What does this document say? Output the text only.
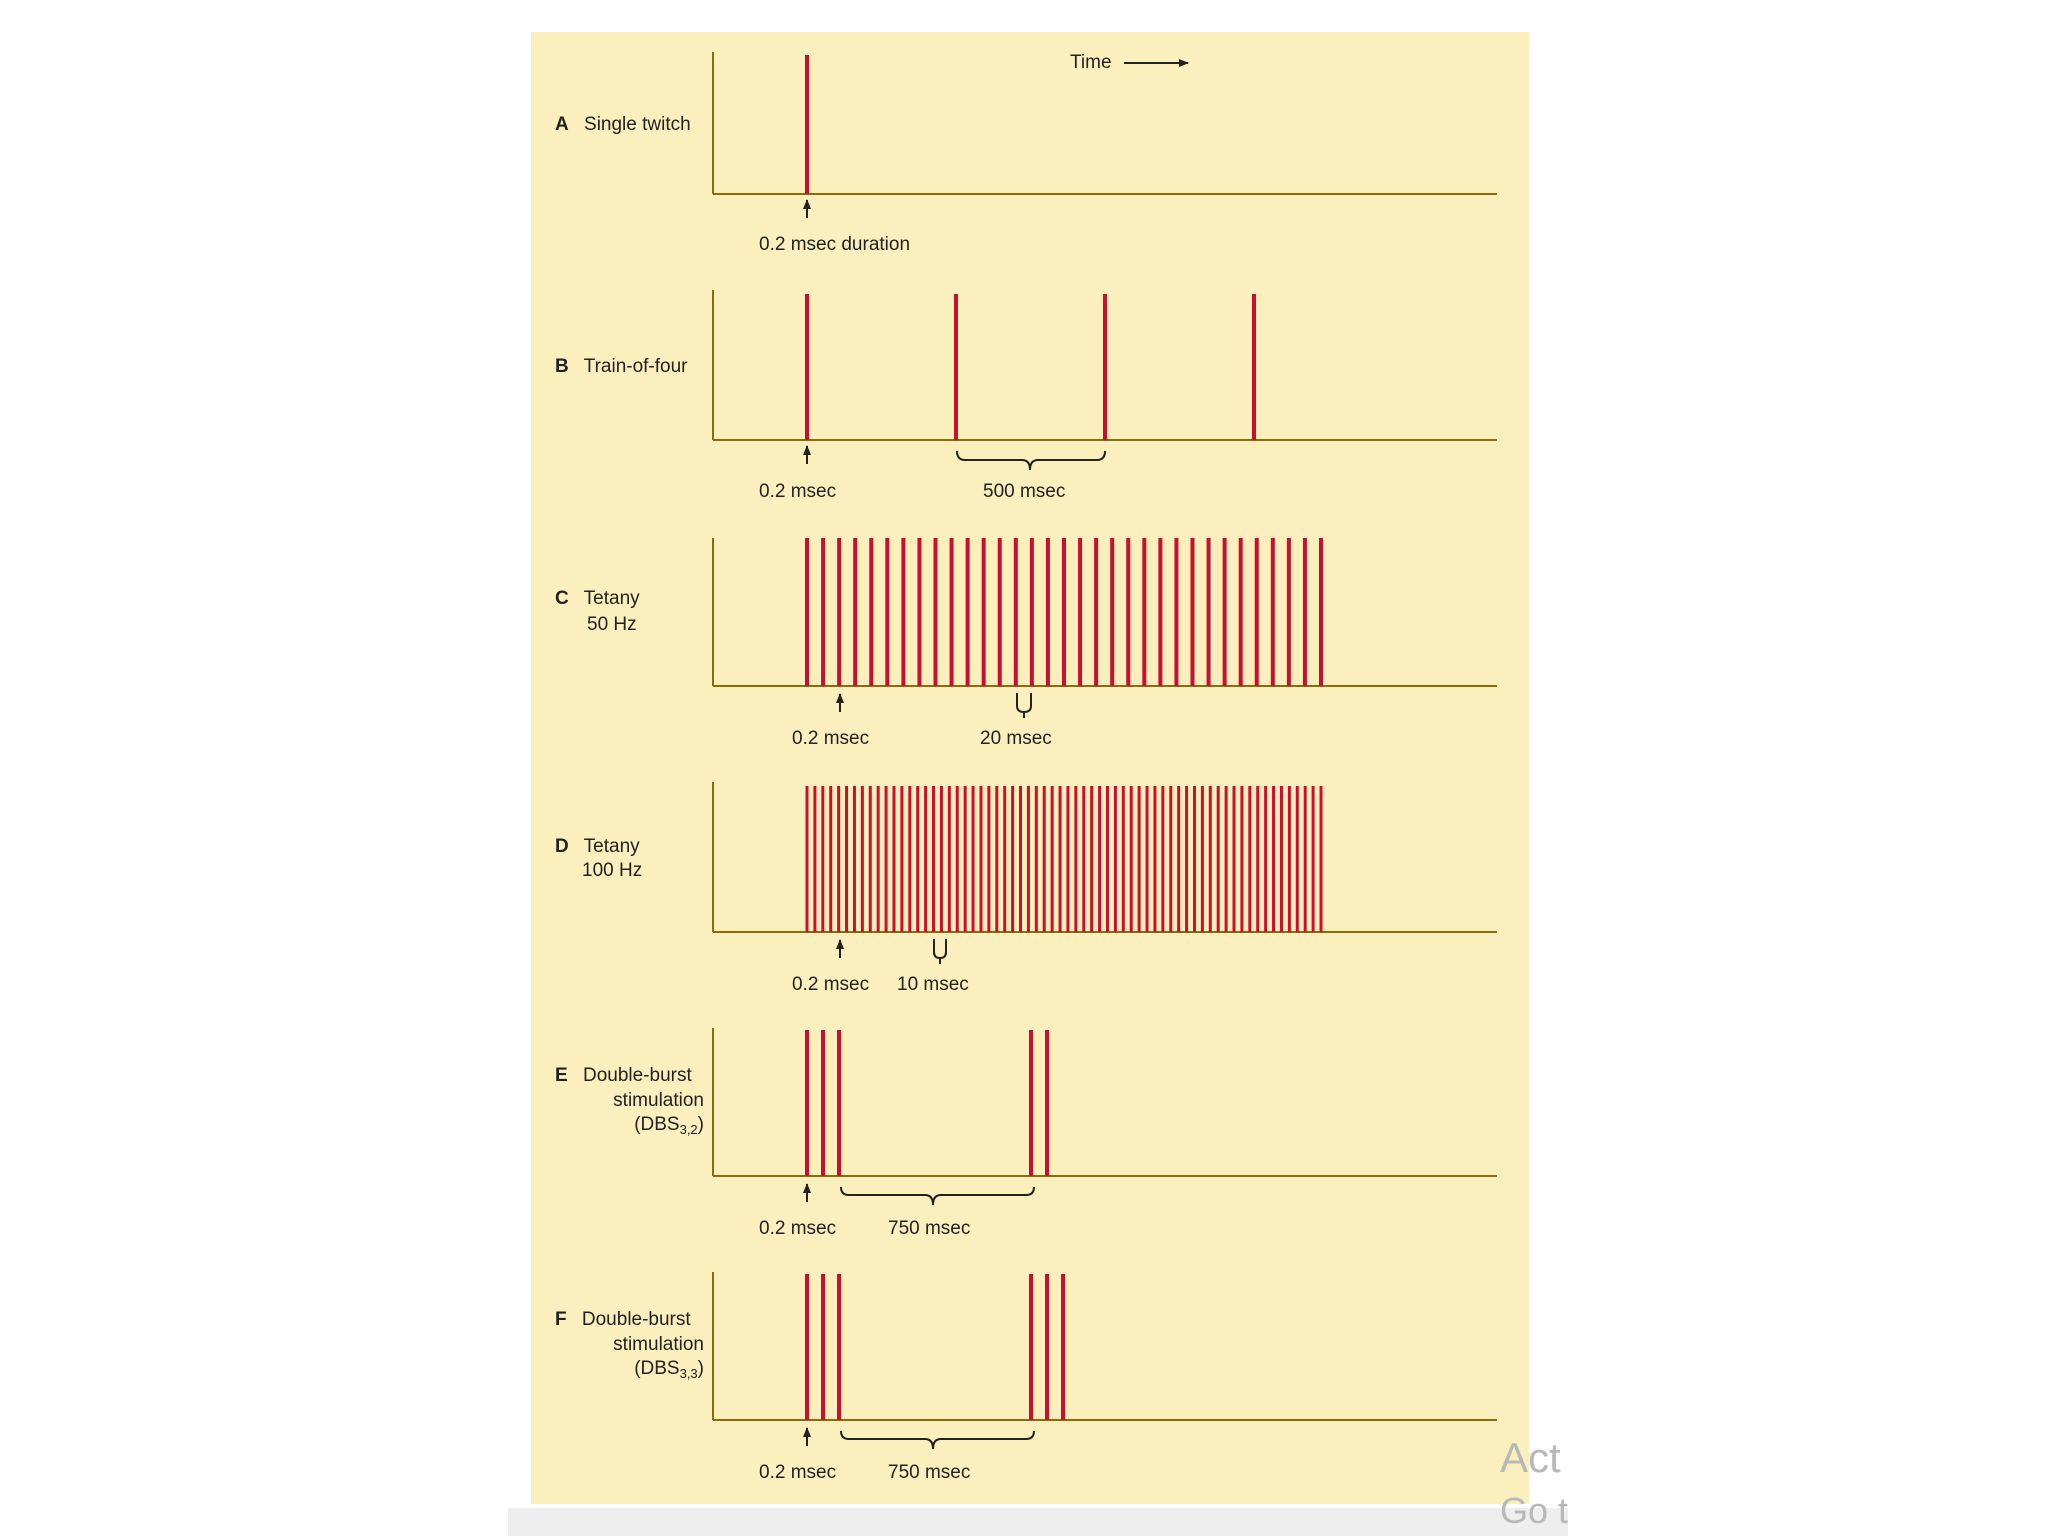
Time
A Single twitch
0.2 msec duration
B Train-of-four
0.2 msec	500 msec
C Tetany
50 Hz
0.2 msec	20 msec
D Tetany
100 Hz
0.2 msec 10 msec
E Double-burst
stimulation
$(DBS_{3,2})$
0.2 msec	750 msec
F Double-burst
stimulation
$(DBS_{3,3})$
0.2 msec	750 msec	Act
Go t
